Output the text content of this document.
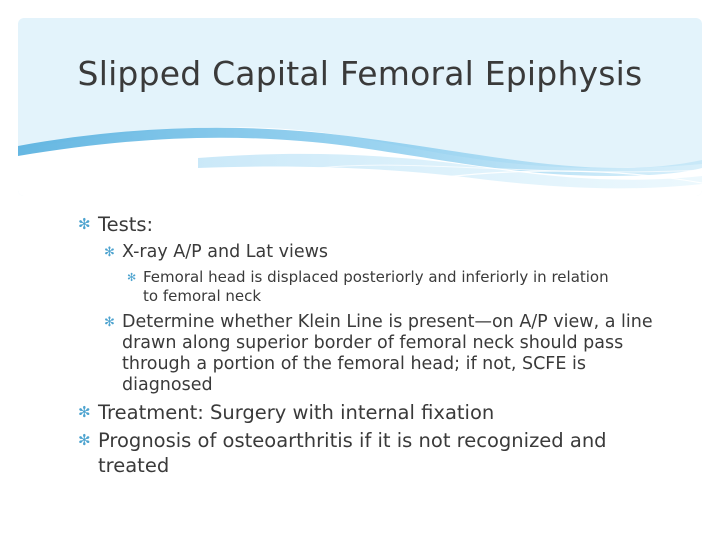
Slipped Capital Femoral Epiphysis
✻ Tests:
✻ X-ray A/P and Lat views
✻ Femoral head is displaced posteriorly and inferiorly in relation to femoral neck
✻ Determine whether Klein Line is present—on A/P view, a line drawn along superior border of femoral neck should pass through a portion of the femoral head; if not, SCFE is diagnosed
✻ Treatment: Surgery with internal fixation
✻ Prognosis of osteoarthritis if it is not recognized and treated
